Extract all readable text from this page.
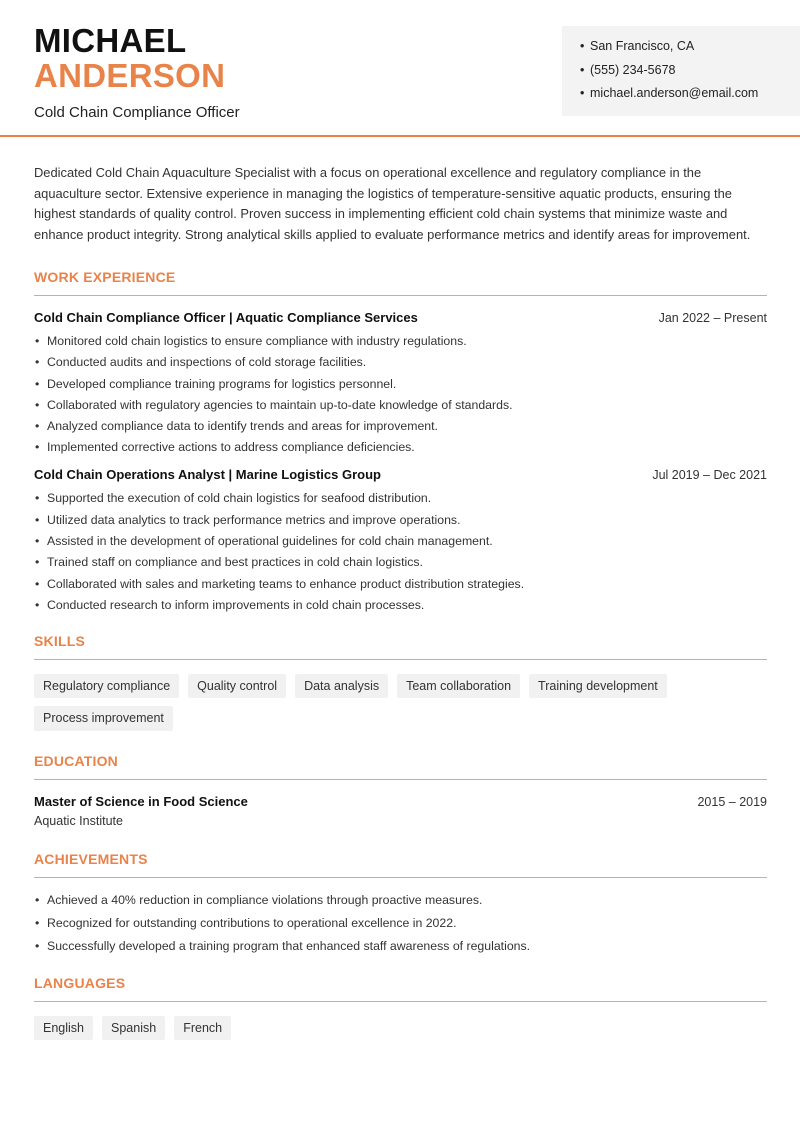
MICHAEL
ANDERSON
Cold Chain Compliance Officer
• San Francisco, CA
• (555) 234-5678
• michael.anderson@email.com

Dedicated Cold Chain Aquaculture Specialist with a focus on operational excellence and regulatory compliance in the aquaculture sector. Extensive experience in managing the logistics of temperature-sensitive aquatic products, ensuring the highest standards of quality control. Proven success in implementing efficient cold chain systems that minimize waste and enhance product integrity. Strong analytical skills applied to evaluate performance metrics and identify areas for improvement.

WORK EXPERIENCE
Cold Chain Compliance Officer | Aquatic Compliance Services	Jan 2022 – Present
• Monitored cold chain logistics to ensure compliance with industry regulations.
• Conducted audits and inspections of cold storage facilities.
• Developed compliance training programs for logistics personnel.
• Collaborated with regulatory agencies to maintain up-to-date knowledge of standards.
• Analyzed compliance data to identify trends and areas for improvement.
• Implemented corrective actions to address compliance deficiencies.
Cold Chain Operations Analyst | Marine Logistics Group	Jul 2019 – Dec 2021
• Supported the execution of cold chain logistics for seafood distribution.
• Utilized data analytics to track performance metrics and improve operations.
• Assisted in the development of operational guidelines for cold chain management.
• Trained staff on compliance and best practices in cold chain logistics.
• Collaborated with sales and marketing teams to enhance product distribution strategies.
• Conducted research to inform improvements in cold chain processes.
SKILLS
Regulatory compliance	Quality control	Data analysis	Team collaboration	Training development
Process improvement
EDUCATION
Master of Science in Food Science	2015 – 2019
Aquatic Institute
ACHIEVEMENTS
• Achieved a 40% reduction in compliance violations through proactive measures.
• Recognized for outstanding contributions to operational excellence in 2022.
• Successfully developed a training program that enhanced staff awareness of regulations.
LANGUAGES
English	Spanish	French
